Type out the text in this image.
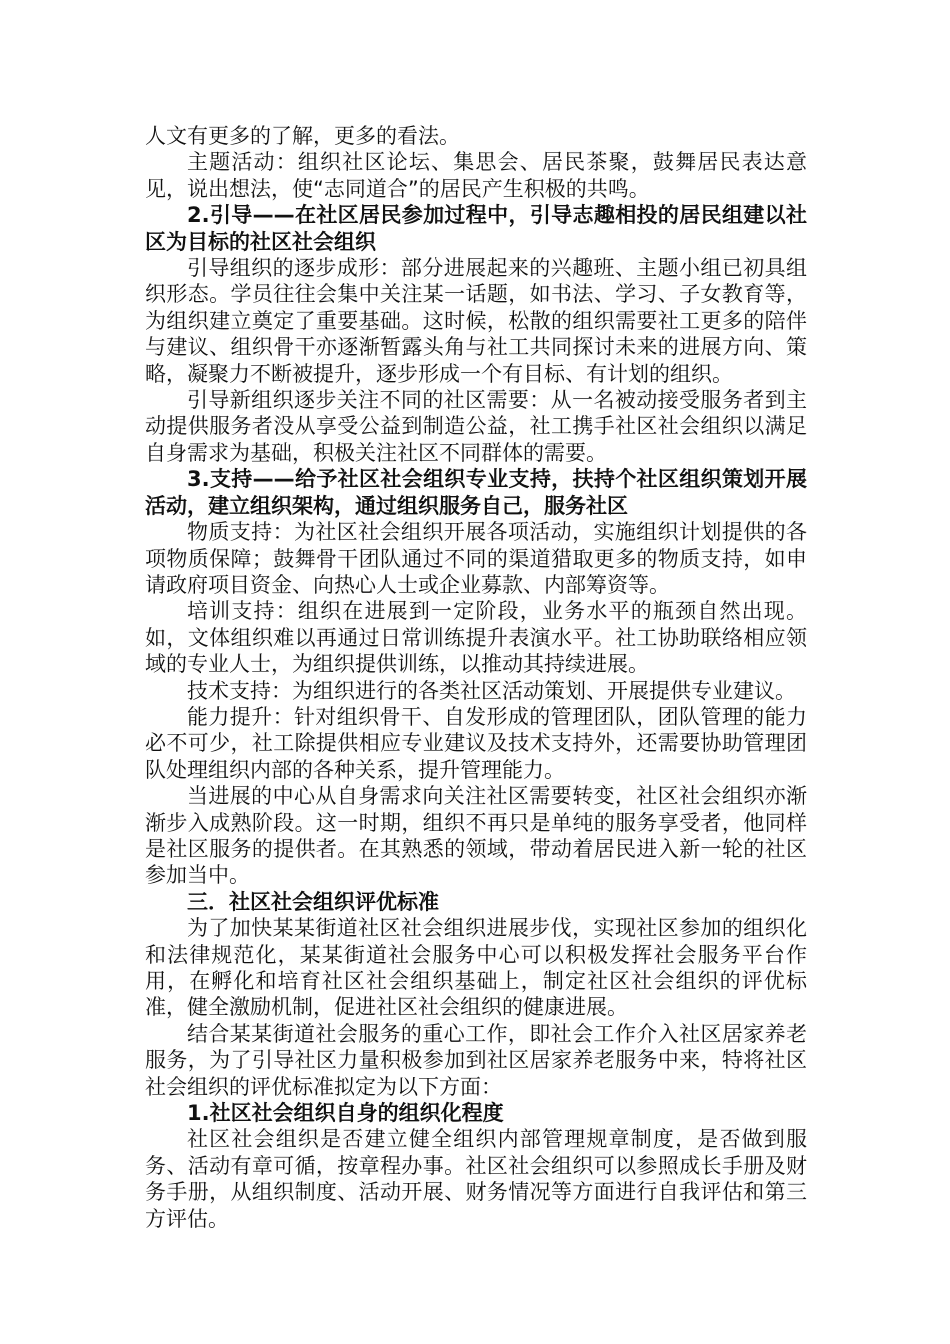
人文有更多的了解，更多的看法。

主题活动：组织社区论坛、集思会、居民茶聚，鼓舞居民表达意见，说出想法，使“志同道合”的居民产生积极的共鸣。

2.引导——在社区居民参加过程中，引导志趣相投的居民组建以社区为目标的社区社会组织

引导组织的逐步成形：部分进展起来的兴趣班、主题小组已初具组织形态。学员往往会集中关注某一话题，如书法、学习、子女教育等，为组织建立奠定了重要基础。这时候，松散的组织需要社工更多的陪伴与建议、组织骨干亦逐渐暂露头角与社工共同探讨未来的进展方向、策略，凝聚力不断被提升，逐步形成一个有目标、有计划的组织。

引导新组织逐步关注不同的社区需要：从一名被动接受服务者到主动提供服务者没从享受公益到制造公益，社工携手社区社会组织以满足自身需求为基础，积极关注社区不同群体的需要。

3.支持——给予社区社会组织专业支持，扶持个社区组织策划开展活动，建立组织架构，通过组织服务自己，服务社区

物质支持：为社区社会组织开展各项活动，实施组织计划提供的各项物质保障；鼓舞骨干团队通过不同的渠道猎取更多的物质支持，如申请政府项目资金、向热心人士或企业募款、内部筹资等。

培训支持：组织在进展到一定阶段，业务水平的瓶颈自然出现。如，文体组织难以再通过日常训练提升表演水平。社工协助联络相应领域的专业人士，为组织提供训练，以推动其持续进展。

技术支持：为组织进行的各类社区活动策划、开展提供专业建议。

能力提升：针对组织骨干、自发形成的管理团队，团队管理的能力必不可少，社工除提供相应专业建议及技术支持外，还需要协助管理团队处理组织内部的各种关系，提升管理能力。

当进展的中心从自身需求向关注社区需要转变，社区社会组织亦渐渐步入成熟阶段。这一时期，组织不再只是单纯的服务享受者，他同样是社区服务的提供者。在其熟悉的领域，带动着居民进入新一轮的社区参加当中。

三．社区社会组织评优标准

为了加快某某街道社区社会组织进展步伐，实现社区参加的组织化和法律规范化，某某街道社会服务中心可以积极发挥社会服务平台作用，在孵化和培育社区社会组织基础上，制定社区社会组织的评优标准，健全激励机制，促进社区社会组织的健康进展。

结合某某街道社会服务的重心工作，即社会工作介入社区居家养老服务，为了引导社区力量积极参加到社区居家养老服务中来，特将社区社会组织的评优标准拟定为以下方面：

1.社区社会组织自身的组织化程度

社区社会组织是否建立健全组织内部管理规章制度，是否做到服务、活动有章可循，按章程办事。社区社会组织可以参照成长手册及财务手册，从组织制度、活动开展、财务情况等方面进行自我评估和第三方评估。
